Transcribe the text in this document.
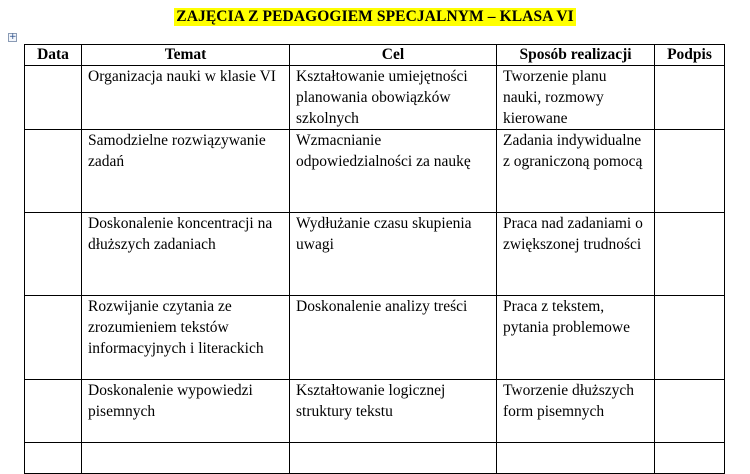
ZAJĘCIA Z PEDAGOGIEM SPECJALNYM – KLASA VI
+
Data	Temat	Cel	Sposób realizacji	Podpis
	Organizacja nauki w klasie VI	Kształtowanie umiejętności planowania obowiązków szkolnych	Tworzenie planu nauki, rozmowy kierowane	
	Samodzielne rozwiązywanie zadań	Wzmacnianie odpowiedzialności za naukę	Zadania indywidualne z ograniczoną pomocą	
	Doskonalenie koncentracji na dłuższych zadaniach	Wydłużanie czasu skupienia uwagi	Praca nad zadaniami o zwiększonej trudności	
	Rozwijanie czytania ze zrozumieniem tekstów informacyjnych i literackich	Doskonalenie analizy treści	Praca z tekstem, pytania problemowe	
	Doskonalenie wypowiedzi pisemnych	Kształtowanie logicznej struktury tekstu	Tworzenie dłuższych form pisemnych	
